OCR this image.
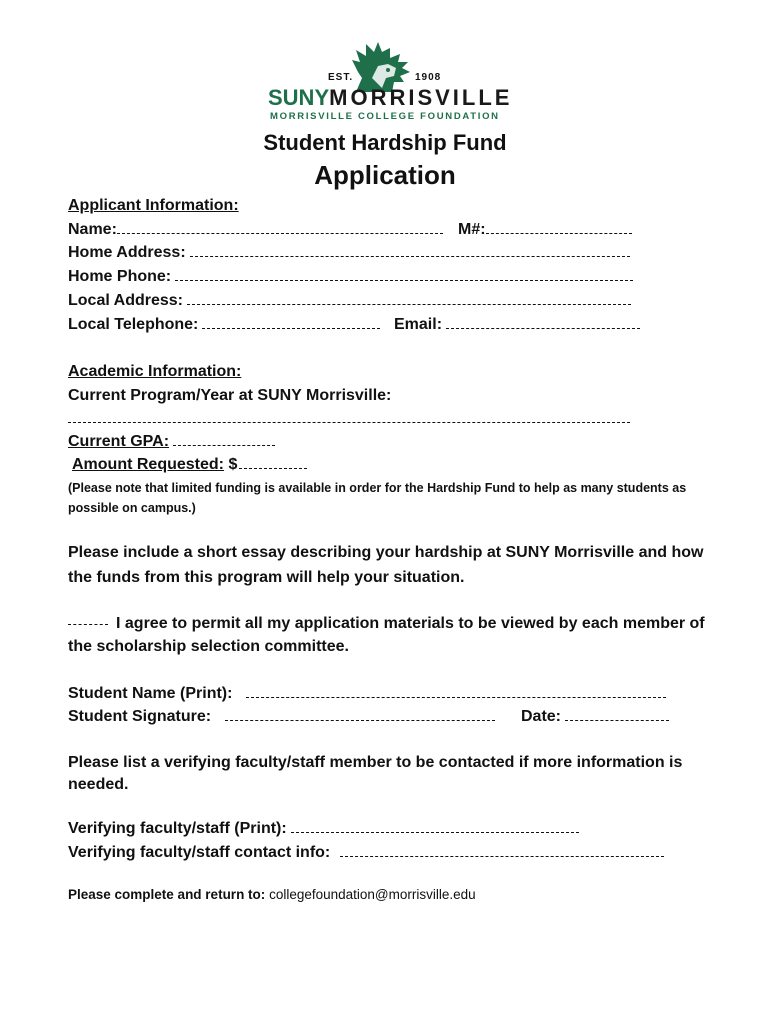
EST.	1908
SUNYMORRISVILLE
MORRISVILLE COLLEGE FOUNDATION
Student Hardship Fund
Application
Applicant Information:
Name:	M#:
Home Address:
Home Phone:
Local Address:
Local Telephone:	Email:
Academic Information:
Current Program/Year at SUNY Morrisville:
Current GPA:
Amount Requested: $
(Please note that limited funding is available in order for the Hardship Fund to help as many students as possible on campus.)
Please include a short essay describing your hardship at SUNY Morrisville and how the funds from this program will help your situation.
I agree to permit all my application materials to be viewed by each member of the scholarship selection committee.
Student Name (Print):
Student Signature:	Date:
Please list a verifying faculty/staff member to be contacted if more information is needed.
Verifying faculty/staff (Print):
Verifying faculty/staff contact info:
Please complete and return to: collegefoundation@morrisville.edu
